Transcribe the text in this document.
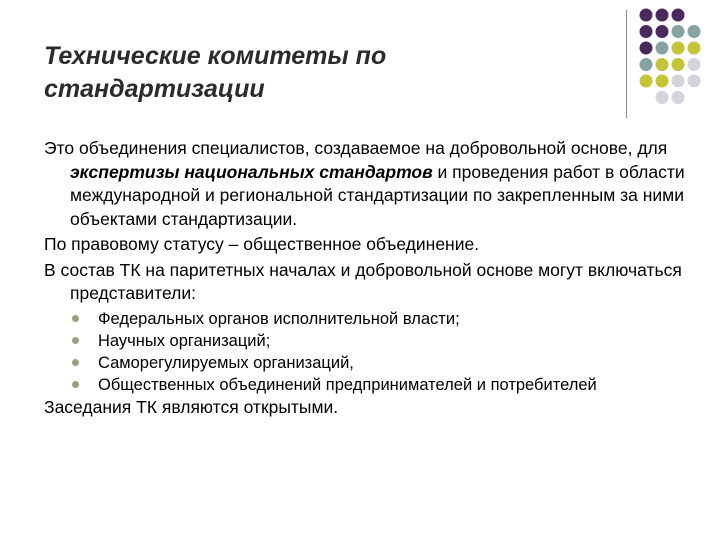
Технические комитеты по
стандартизации

Это объединения специалистов, создаваемое на добровольной основе, для экспертизы национальных стандартов и проведения работ в области международной и региональной стандартизации по закрепленным за ними объектами стандартизации.

По правовому статусу – общественное объединение.

В состав ТК на паритетных началах и добровольной основе могут включаться представители:

Федеральных органов исполнительной власти;
Научных организаций;
Саморегулируемых организаций,
Общественных объединений предпринимателей и потребителей

Заседания ТК являются открытыми.
